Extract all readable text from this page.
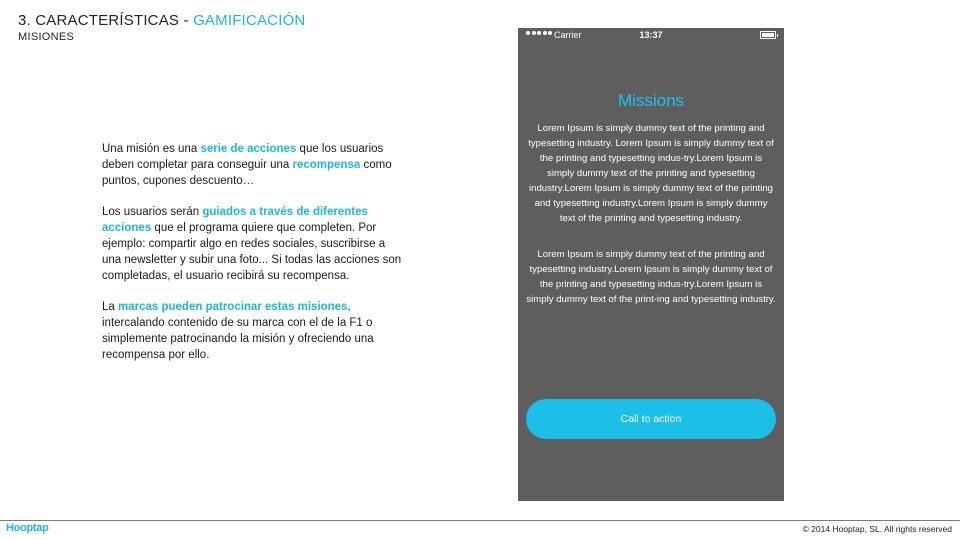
3. CARACTERÍSTICAS - GAMIFICACIÓN
MISIONES

Una misión es una serie de acciones que los usuarios deben completar para conseguir una recompensa como puntos, cupones descuento…

Los usuarios serán guiados a través de diferentes acciones que el programa quiere que completen. Por ejemplo: compartir algo en redes sociales, suscribirse a una newsletter y subir una foto... Si todas las acciones son completadas, el usuario recibirá su recompensa.

La marcas pueden patrocinar estas misiones, intercalando contenido de su marca con el de la F1 o simplemente patrocinando la misión y ofreciendo una recompensa por ello.

Carrier	13:37
Missions
Lorem Ipsum is simply dummy text of the printing and typesetting industry. Lorem Ipsum is simply dummy text of the printing and typesetting indus-try.Lorem Ipsum is simply dummy text of the printing and typesetting industry.Lorem Ipsum is simply dummy text of the printing and typesetting industry.Lorem Ipsum is simply dummy text of the printing and typesetting industry.
Lorem Ipsum is simply dummy text of the printing and typesetting industry.Lorem Ipsum is simply dummy text of the printing and typesetting indus-try.Lorem Ipsum is simply dummy text of the print-ing and typesetting industry.
Call to action
Hooptap	© 2014 Hooptap, SL. All rights reserved
